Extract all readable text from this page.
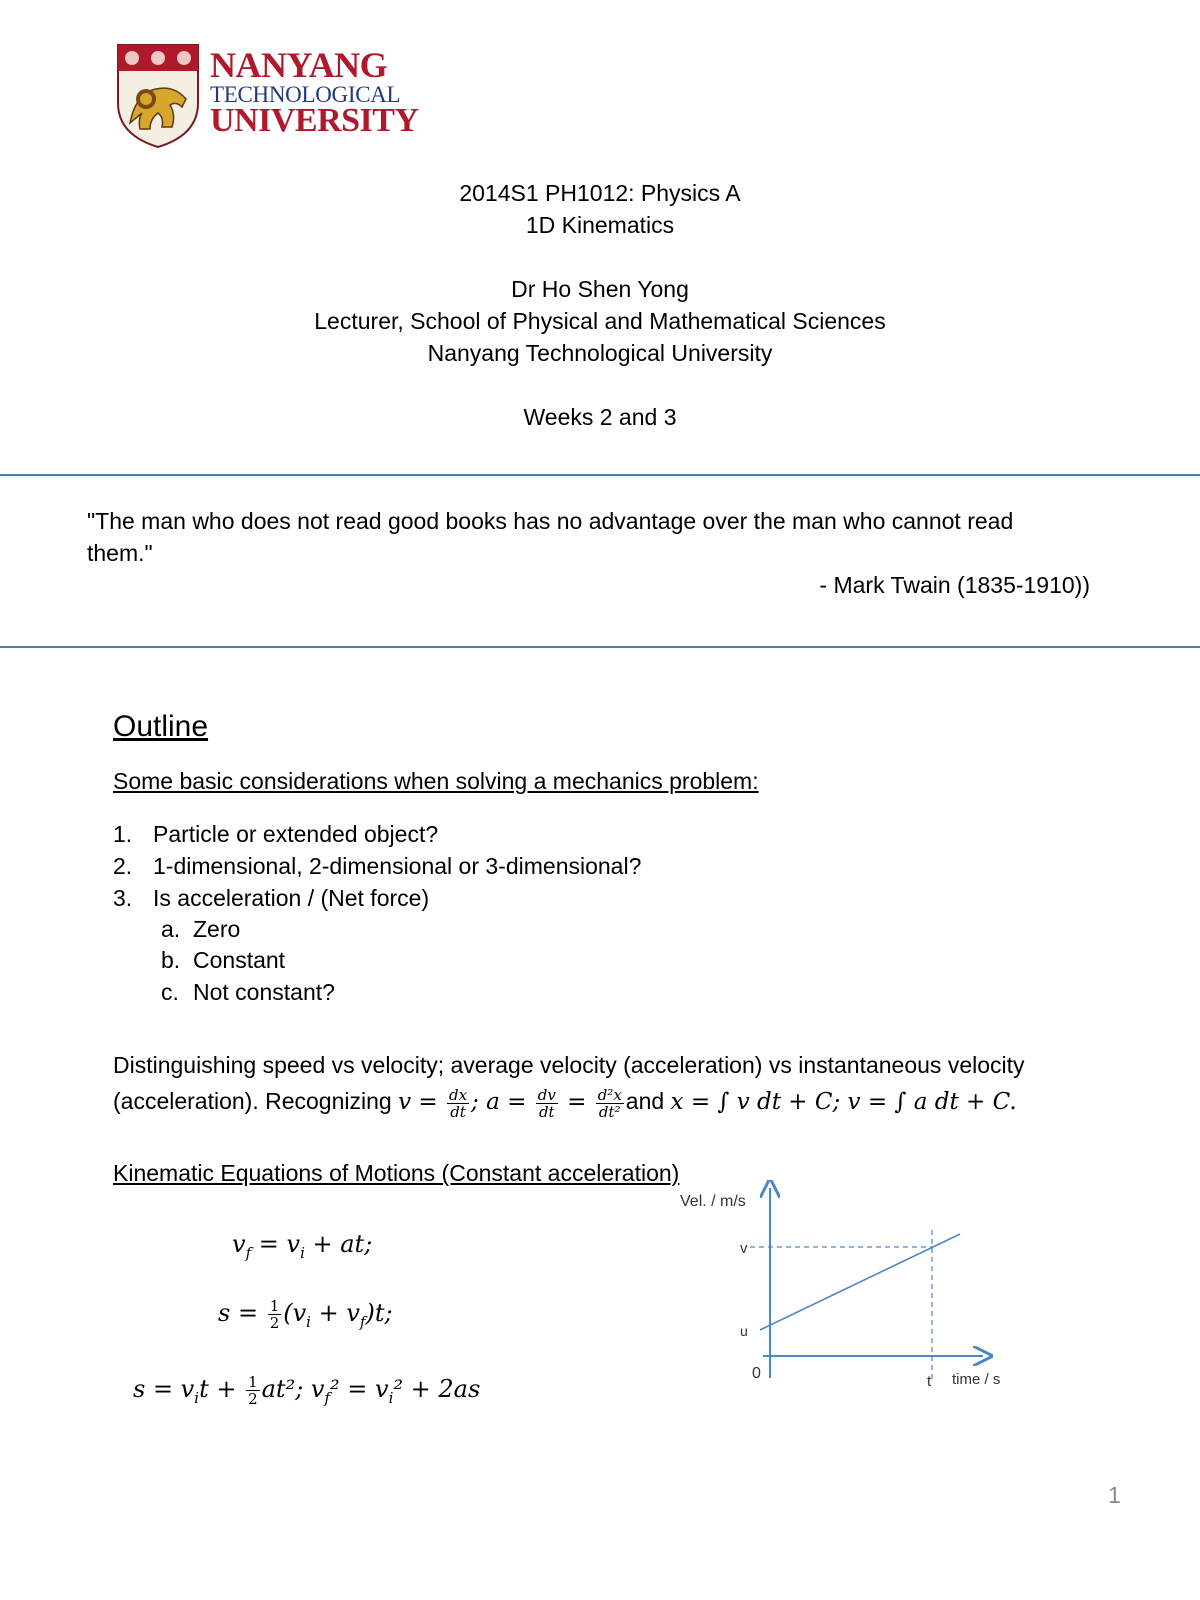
NANYANG
TECHNOLOGICAL
UNIVERSITY
2014S1 PH1012: Physics A
1D Kinematics
Dr Ho Shen Yong
Lecturer, School of Physical and Mathematical Sciences
Nanyang Technological University
Weeks 2 and 3
"The man who does not read good books has no advantage over the man who cannot read them."
- Mark Twain (1835-1910))
Outline
Some basic considerations when solving a mechanics problem:
1. Particle or extended object?
2. 1-dimensional, 2-dimensional or 3-dimensional?
3. Is acceleration / (Net force)
a. Zero
b. Constant
c. Not constant?
Distinguishing speed vs velocity; average velocity (acceleration) vs instantaneous velocity
(acceleration). Recognizing $v = \frac{dx}{dt}$ ; $a = \frac{dv}{dt} = \frac{\text{d²x}}{\text{dt²}}$ and x = ∫ v dt + C; v = ∫ a dt + C.
Kinematic Equations of Motions (Constant acceleration)
$v_f = v_i$ + at;
$s = \frac{1}{2} (v_i + v_f)t$;
$s = v_it + \frac{1}{2} at^2$; $v_f^2 = v_i^2 + 2as$
Vel. / m/s
v
u
0	t time / s
1
